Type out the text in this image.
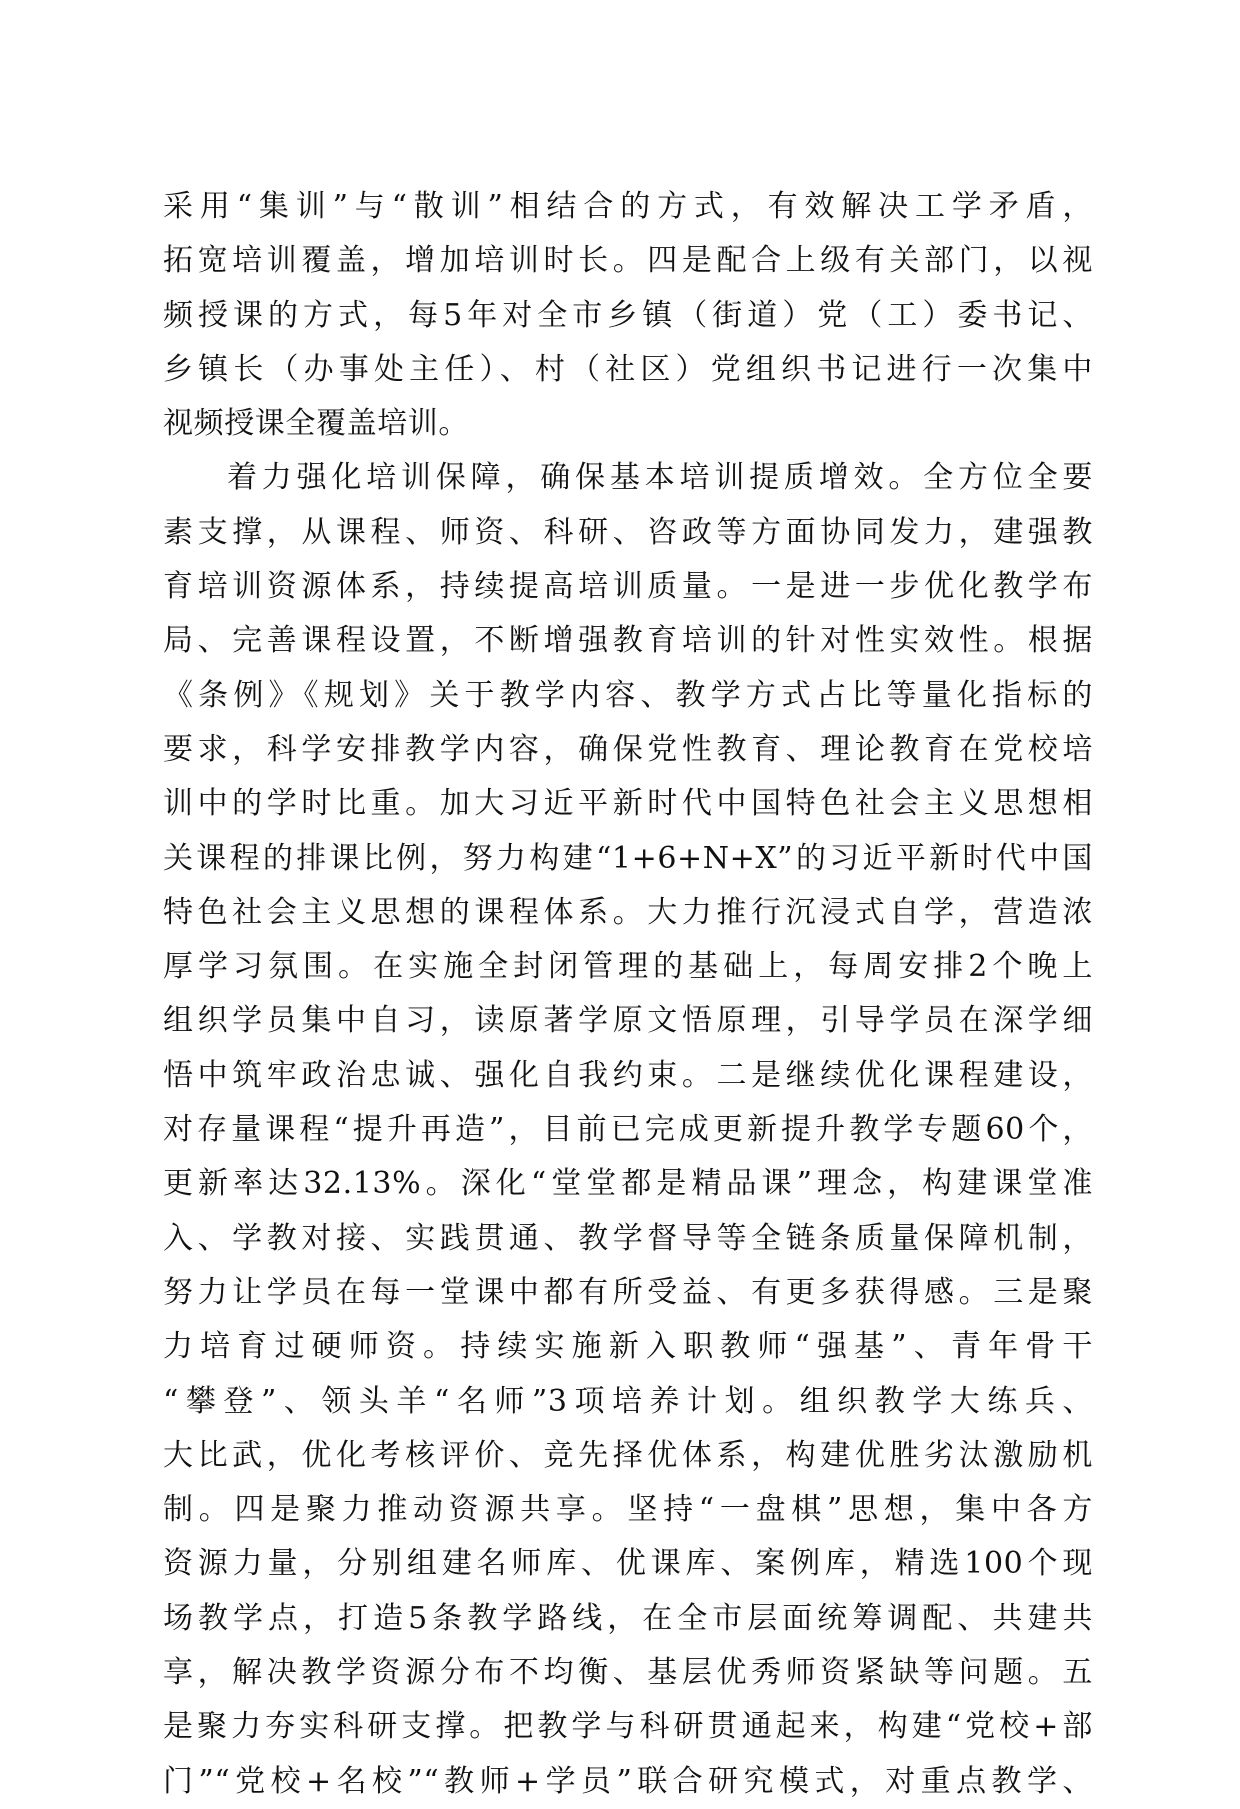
采用“集训”与“散训”相结合的方式，有效解决工学矛盾，
拓宽培训覆盖，增加培训时长。四是配合上级有关部门，以视
频授课的方式，每5年对全市乡镇（街道）党（工）委书记、
乡镇长（办事处主任）、村（社区）党组织书记进行一次集中
视频授课全覆盖培训。
着力强化培训保障，确保基本培训提质增效。全方位全要
素支撑，从课程、师资、科研、咨政等方面协同发力，建强教
育培训资源体系，持续提高培训质量。一是进一步优化教学布
局、完善课程设置，不断增强教育培训的针对性实效性。根据
《条例》《规划》关于教学内容、教学方式占比等量化指标的
要求，科学安排教学内容，确保党性教育、理论教育在党校培
训中的学时比重。加大习近平新时代中国特色社会主义思想相
关课程的排课比例，努力构建“1+6+N+X”的习近平新时代中国
特色社会主义思想的课程体系。大力推行沉浸式自学，营造浓
厚学习氛围。在实施全封闭管理的基础上，每周安排2个晚上
组织学员集中自习，读原著学原文悟原理，引导学员在深学细
悟中筑牢政治忠诚、强化自我约束。二是继续优化课程建设，
对存量课程“提升再造”，目前已完成更新提升教学专题60个，
更新率达32.13%。深化“堂堂都是精品课”理念，构建课堂准
入、学教对接、实践贯通、教学督导等全链条质量保障机制，
努力让学员在每一堂课中都有所受益、有更多获得感。三是聚
力培育过硬师资。持续实施新入职教师“强基”、青年骨干
“攀登”、领头羊“名师”3项培养计划。组织教学大练兵、
大比武，优化考核评价、竞先择优体系，构建优胜劣汰激励机
制。四是聚力推动资源共享。坚持“一盘棋”思想，集中各方
资源力量，分别组建名师库、优课库、案例库，精选100个现
场教学点，打造5条教学路线，在全市层面统筹调配、共建共
享，解决教学资源分布不均衡、基层优秀师资紧缺等问题。五
是聚力夯实科研支撑。把教学与科研贯通起来，构建“党校+部
门”“党校+名校”“教师+学员”联合研究模式，对重点教学、
